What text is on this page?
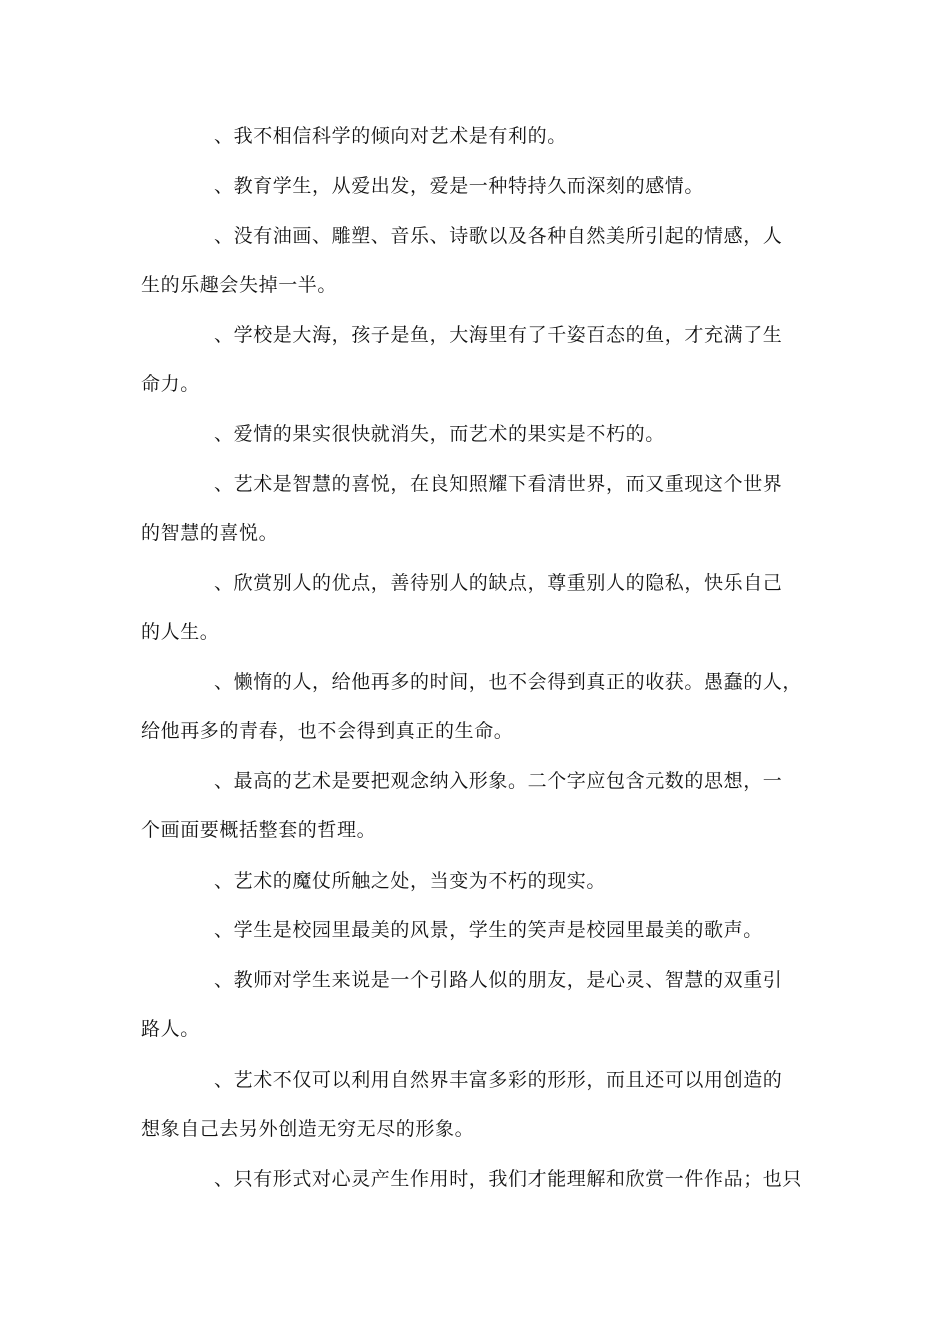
、我不相信科学的倾向对艺术是有利的。
、教育学生，从爱出发，爱是一种特持久而深刻的感情。
、没有油画、雕塑、音乐、诗歌以及各种自然美所引起的情感，人
生的乐趣会失掉一半。
、学校是大海，孩子是鱼，大海里有了千姿百态的鱼，才充满了生
命力。
、爱情的果实很快就消失，而艺术的果实是不朽的。
、艺术是智慧的喜悦，在良知照耀下看清世界，而又重现这个世界
的智慧的喜悦。
、欣赏别人的优点，善待别人的缺点，尊重别人的隐私，快乐自己
的人生。
、懒惰的人，给他再多的时间，也不会得到真正的收获。愚蠢的人，
给他再多的青春，也不会得到真正的生命。
、最高的艺术是要把观念纳入形象。二个字应包含元数的思想，一
个画面要概括整套的哲理。
、艺术的魔仗所触之处，当变为不朽的现实。
、学生是校园里最美的风景，学生的笑声是校园里最美的歌声。
、教师对学生来说是一个引路人似的朋友，是心灵、智慧的双重引
路人。
、艺术不仅可以利用自然界丰富多彩的形形，而且还可以用创造的
想象自己去另外创造无穷无尽的形象。
、只有形式对心灵产生作用时，我们才能理解和欣赏一件作品；也只
